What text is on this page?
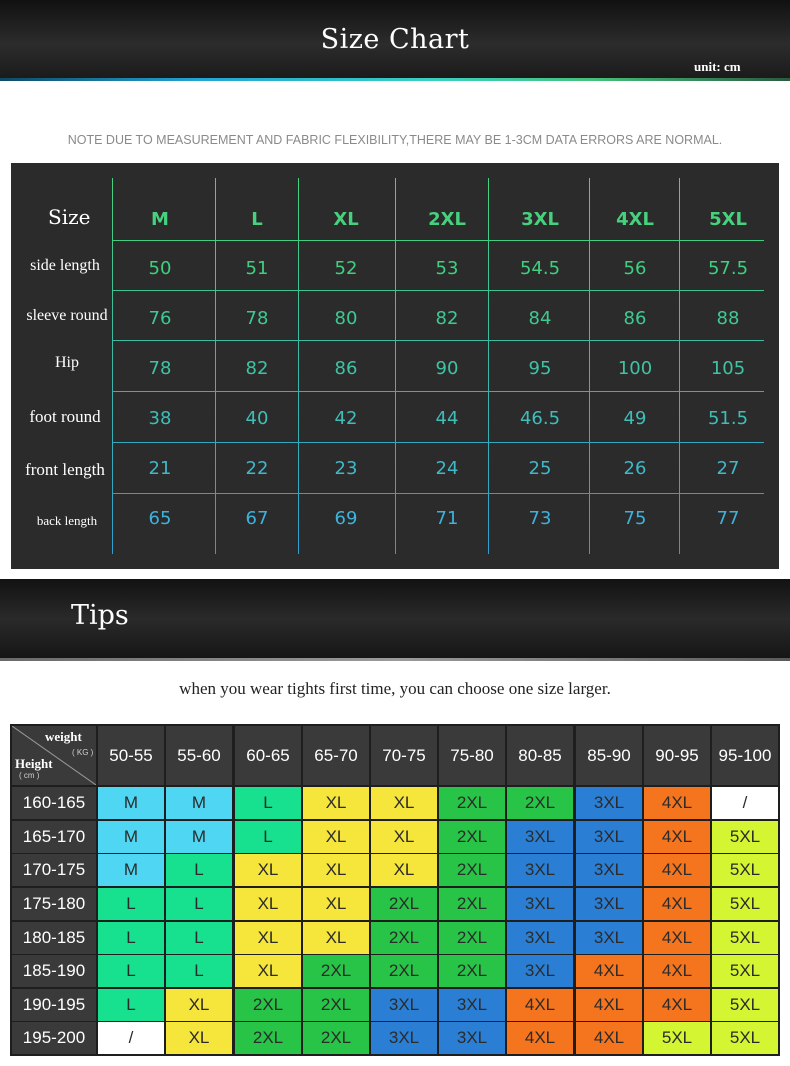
Size Chart
unit: cm
NOTE DUE TO MEASUREMENT AND FABRIC FLEXIBILITY,THERE MAY BE 1-3CM DATA ERRORS ARE NORMAL.
Size	M	L	XL	2XL	3XL	4XL	5XL
side length	50	51	52	53	54.5	56	57.5
sleeve round	76	78	80	82	84	86	88
Hip	78	82	86	90	95	100	105
foot round	38	40	42	44	46.5	49	51.5
front length	21	22	23	24	25	26	27
back length	65	67	69	71	73	75	77
Tips
when you wear tights first time, you can choose one size larger.
weight
( KG )
Height
( cm )
50-55	55-60	60-65	65-70	70-75	75-80	80-85	85-90	90-95	95-100
160-165	M	M	L	XL	XL	2XL	2XL	3XL	4XL	/
165-170	M	M	L	XL	XL	2XL	3XL	3XL	4XL	5XL
170-175	M	L	XL	XL	XL	2XL	3XL	3XL	4XL	5XL
175-180	L	L	XL	XL	2XL	2XL	3XL	3XL	4XL	5XL
180-185	L	L	XL	XL	2XL	2XL	3XL	3XL	4XL	5XL
185-190	L	L	XL	2XL	2XL	2XL	3XL	4XL	4XL	5XL
190-195	L	XL	2XL	2XL	3XL	3XL	4XL	4XL	4XL	5XL
195-200	/	XL	2XL	2XL	3XL	3XL	4XL	4XL	5XL	5XL
